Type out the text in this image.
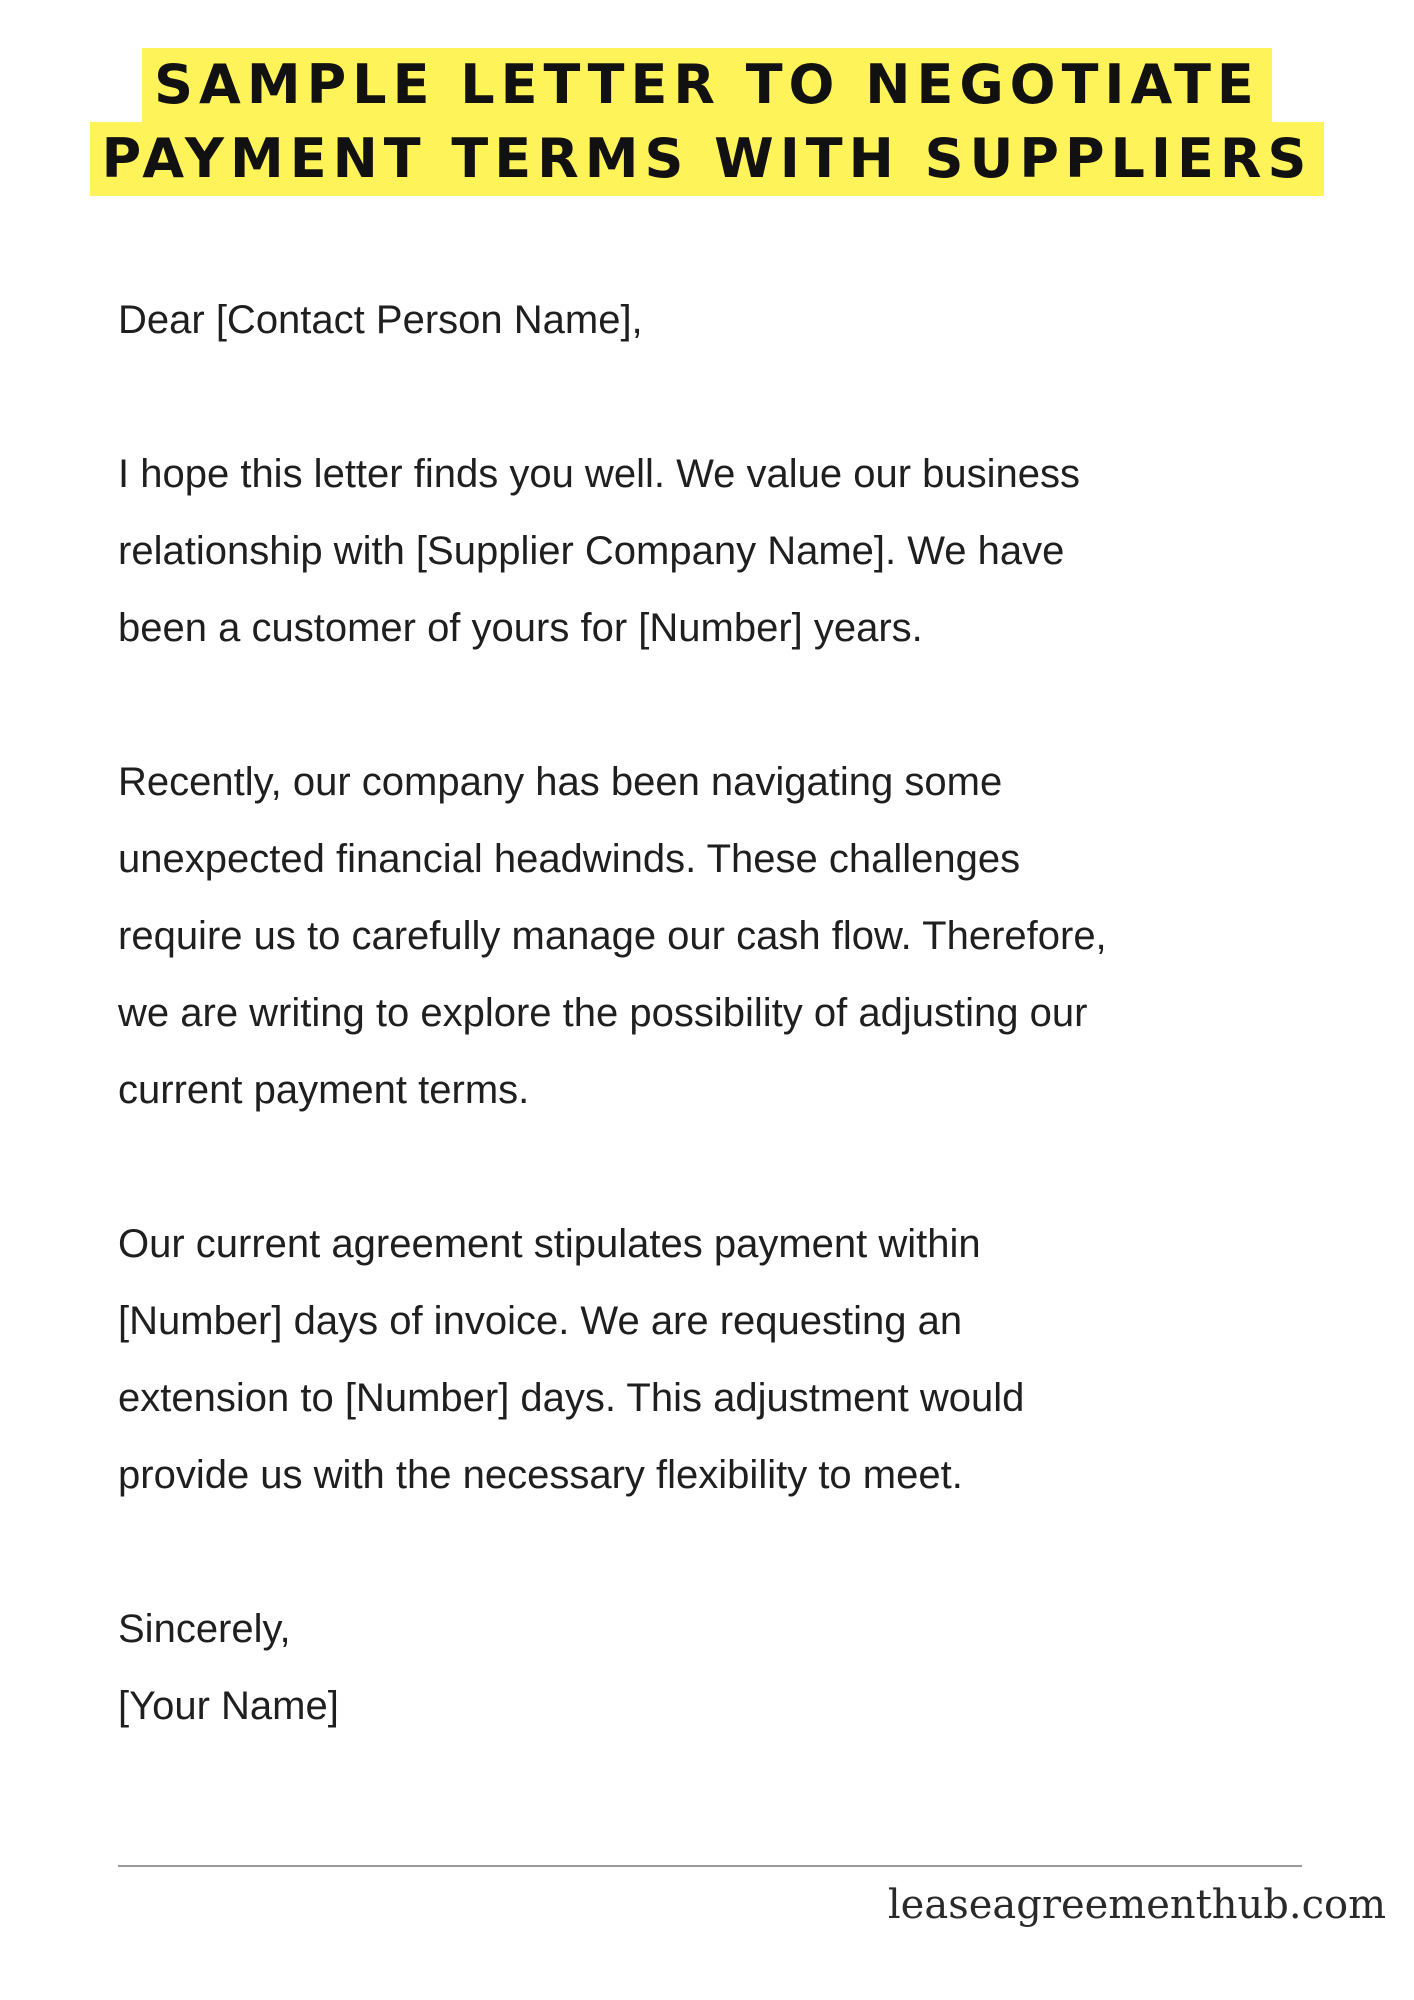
SAMPLE LETTER TO NEGOTIATE
PAYMENT TERMS WITH SUPPLIERS

Dear [Contact Person Name],

I hope this letter finds you well. We value our business
relationship with [Supplier Company Name]. We have
been a customer of yours for [Number] years.

Recently, our company has been navigating some
unexpected financial headwinds. These challenges
require us to carefully manage our cash flow. Therefore,
we are writing to explore the possibility of adjusting our
current payment terms.

Our current agreement stipulates payment within
[Number] days of invoice. We are requesting an
extension to [Number] days. This adjustment would
provide us with the necessary flexibility to meet.

Sincerely,
[Your Name]

leaseagreementhub.com
